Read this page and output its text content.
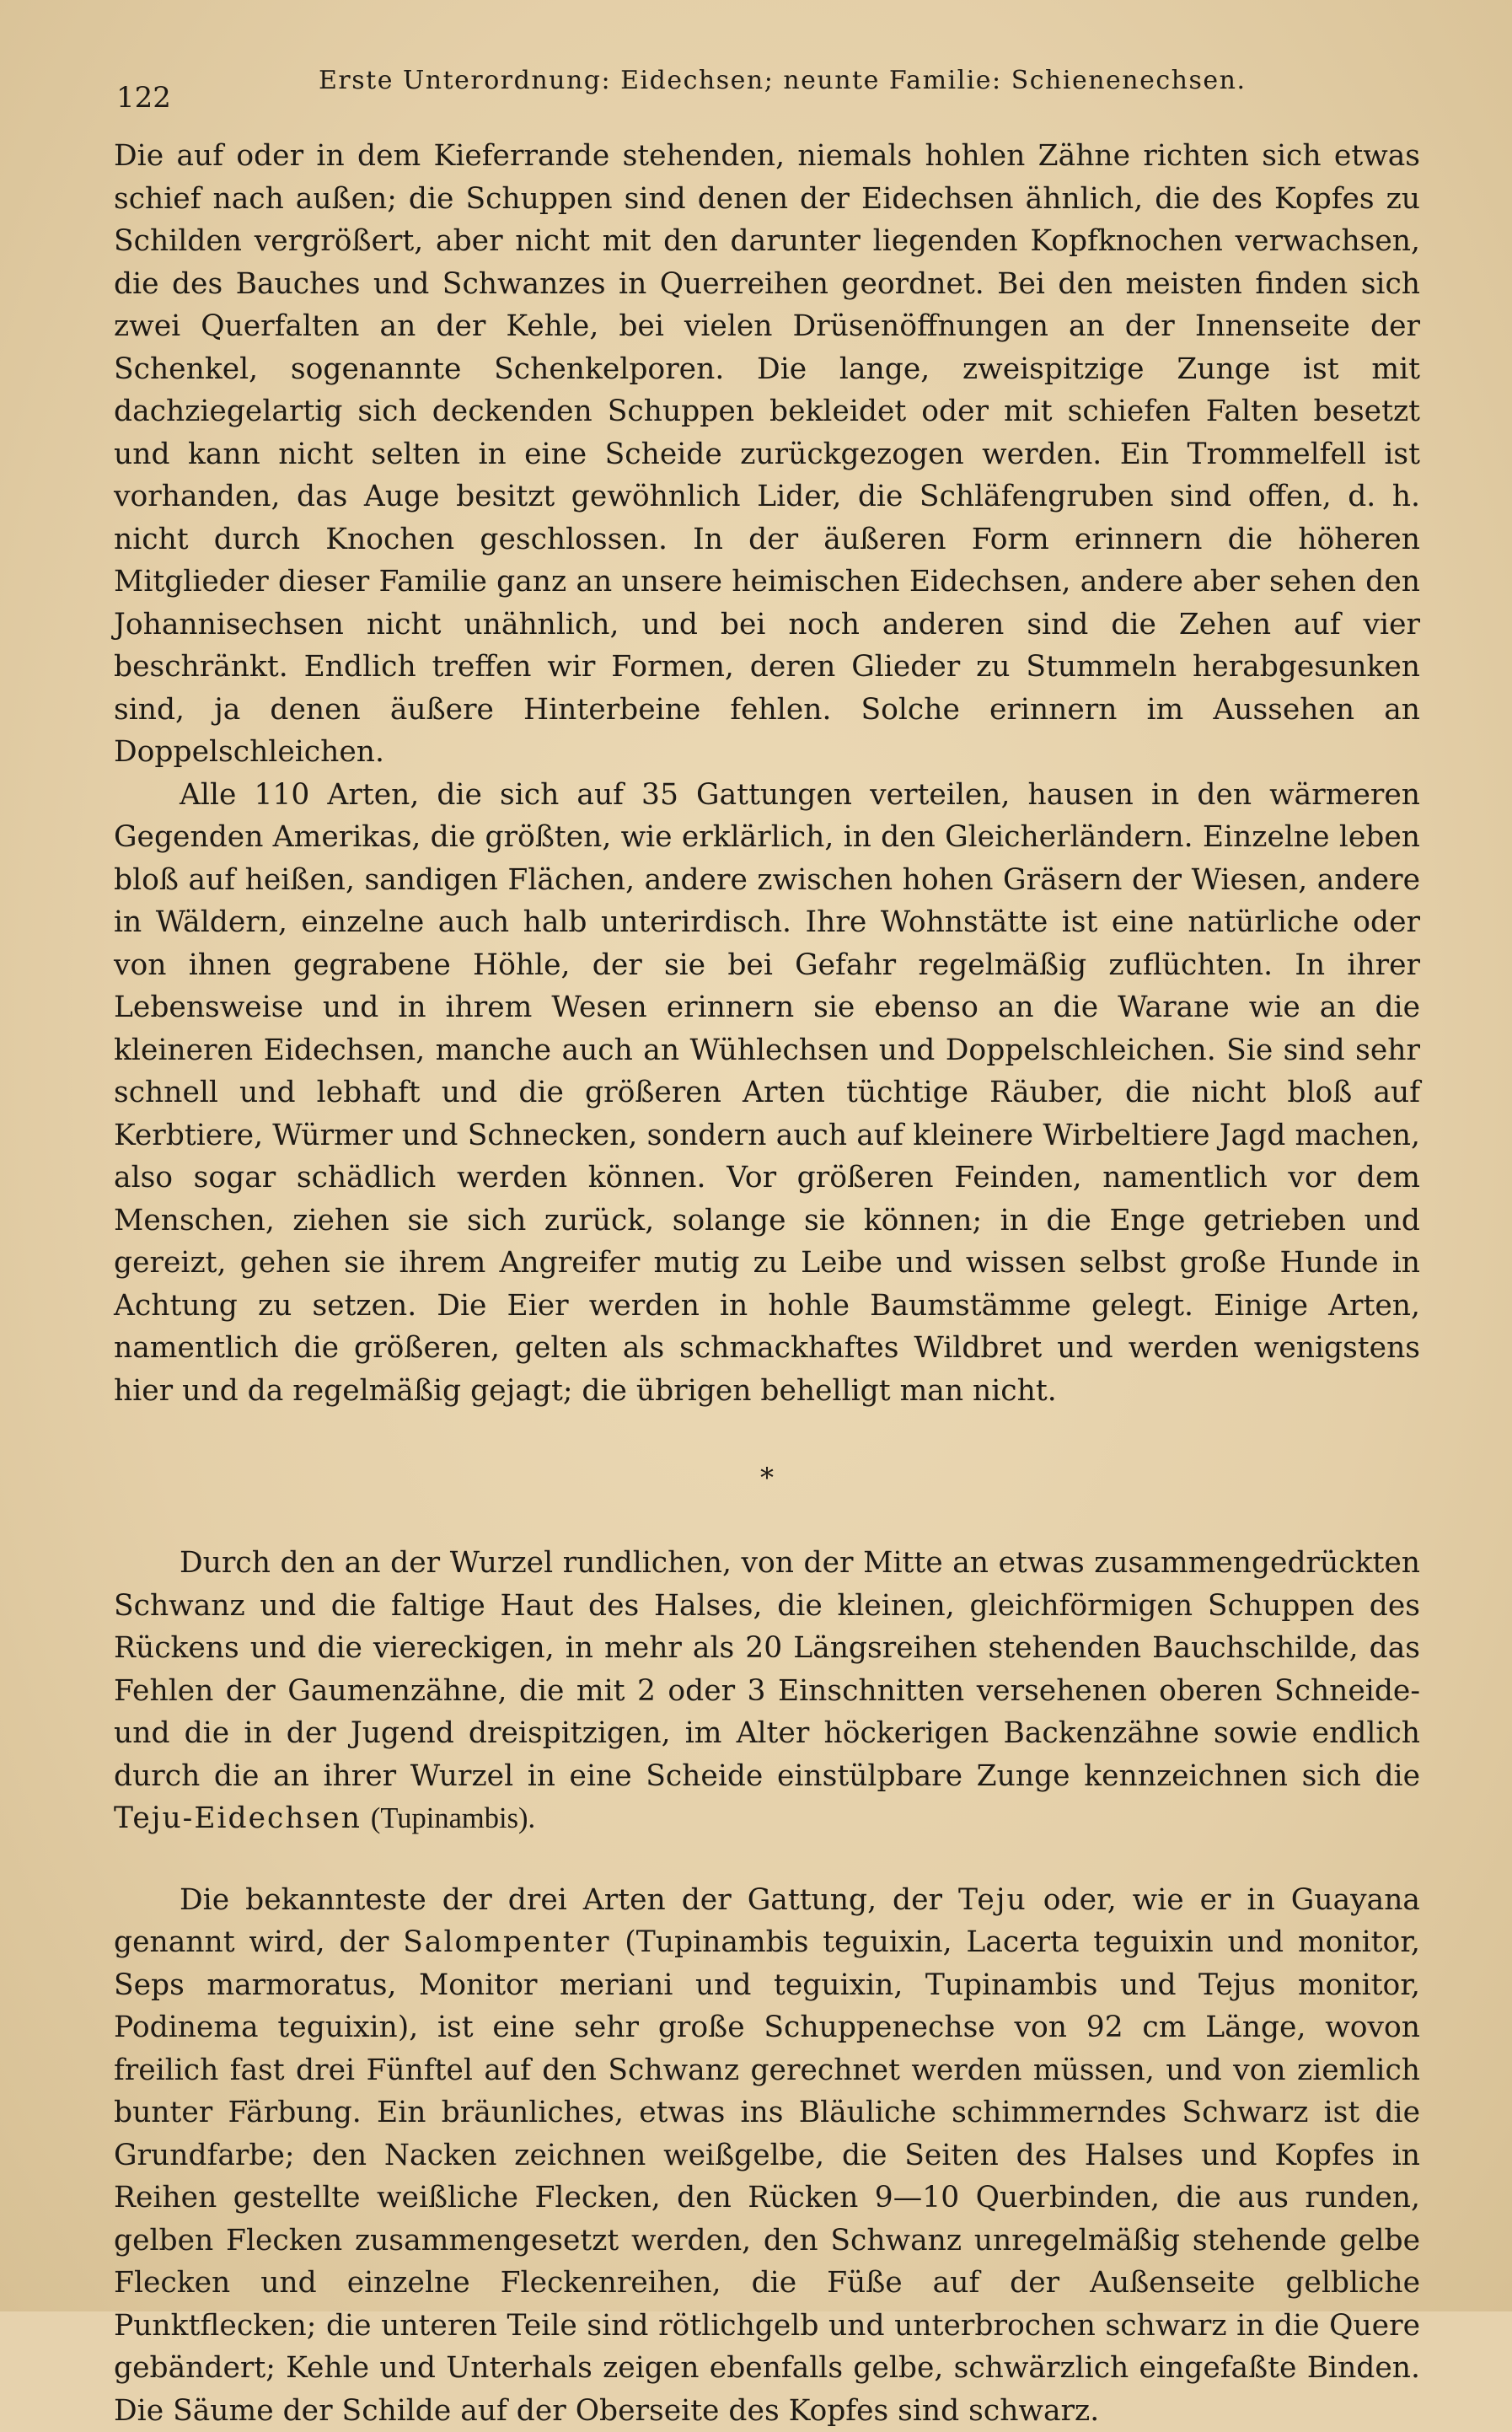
122
Erste Unterordnung: Eidechsen; neunte Familie: Schienenechsen.

Die auf oder in dem Kieferrande stehenden, niemals hohlen Zähne richten sich etwas schief nach außen; die Schuppen sind denen der Eidechsen ähnlich, die des Kopfes zu Schilden vergrößert, aber nicht mit den darunter liegenden Kopfknochen verwachsen, die des Bauches und Schwanzes in Querreihen geordnet. Bei den meisten finden sich zwei Querfalten an der Kehle, bei vielen Drüsenöffnungen an der Innenseite der Schenkel, sogenannte Schenkelporen. Die lange, zweispitzige Zunge ist mit dachziegelartig sich deckenden Schuppen bekleidet oder mit schiefen Falten besetzt und kann nicht selten in eine Scheide zurückgezogen werden. Ein Trommelfell ist vorhanden, das Auge besitzt gewöhnlich Lider, die Schläfengruben sind offen, d. h. nicht durch Knochen geschlossen. In der äußeren Form erinnern die höheren Mitglieder dieser Familie ganz an unsere heimischen Eidechsen, andere aber sehen den Johannisechsen nicht unähnlich, und bei noch anderen sind die Zehen auf vier beschränkt. Endlich treffen wir Formen, deren Glieder zu Stummeln herabgesunken sind, ja denen äußere Hinterbeine fehlen. Solche erinnern im Aussehen an Doppelschleichen.

Alle 110 Arten, die sich auf 35 Gattungen verteilen, hausen in den wärmeren Gegenden Amerikas, die größten, wie erklärlich, in den Gleicherländern. Einzelne leben bloß auf heißen, sandigen Flächen, andere zwischen hohen Gräsern der Wiesen, andere in Wäldern, einzelne auch halb unterirdisch. Ihre Wohnstätte ist eine natürliche oder von ihnen gegrabene Höhle, der sie bei Gefahr regelmäßig zuflüchten. In ihrer Lebensweise und in ihrem Wesen erinnern sie ebenso an die Warane wie an die kleineren Eidechsen, manche auch an Wühlechsen und Doppelschleichen. Sie sind sehr schnell und lebhaft und die größeren Arten tüchtige Räuber, die nicht bloß auf Kerbtiere, Würmer und Schnecken, sondern auch auf kleinere Wirbeltiere Jagd machen, also sogar schädlich werden können. Vor größeren Feinden, namentlich vor dem Menschen, ziehen sie sich zurück, solange sie können; in die Enge getrieben und gereizt, gehen sie ihrem Angreifer mutig zu Leibe und wissen selbst große Hunde in Achtung zu setzen. Die Eier werden in hohle Baumstämme gelegt. Einige Arten, namentlich die größeren, gelten als schmackhaftes Wildbret und werden wenigstens hier und da regelmäßig gejagt; die übrigen behelligt man nicht.

*

Durch den an der Wurzel rundlichen, von der Mitte an etwas zusammengedrückten Schwanz und die faltige Haut des Halses, die kleinen, gleichförmigen Schuppen des Rückens und die viereckigen, in mehr als 20 Längsreihen stehenden Bauchschilde, das Fehlen der Gaumenzähne, die mit 2 oder 3 Einschnitten versehenen oberen Schneide- und die in der Jugend dreispitzigen, im Alter höckerigen Backenzähne sowie endlich durch die an ihrer Wurzel in eine Scheide einstülpbare Zunge kennzeichnen sich die Teju-Eidechsen (Tupinambis).

Die bekannteste der drei Arten der Gattung, der Teju oder, wie er in Guayana genannt wird, der Salompenter (Tupinambis teguixin, Lacerta teguixin und monitor, Seps marmoratus, Monitor meriani und teguixin, Tupinambis und Tejus monitor, Podinema teguixin), ist eine sehr große Schuppenechse von 92 cm Länge, wovon freilich fast drei Fünftel auf den Schwanz gerechnet werden müssen, und von ziemlich bunter Färbung. Ein bräunliches, etwas ins Bläuliche schimmerndes Schwarz ist die Grundfarbe; den Nacken zeichnen weißgelbe, die Seiten des Halses und Kopfes in Reihen gestellte weißliche Flecken, den Rücken 9—10 Querbinden, die aus runden, gelben Flecken zusammengesetzt werden, den Schwanz unregelmäßig stehende gelbe Flecken und einzelne Fleckenreihen, die Füße auf der Außenseite gelbliche Punktflecken; die unteren Teile sind rötlichgelb und unterbrochen schwarz in die Quere gebändert; Kehle und Unterhals zeigen ebenfalls gelbe, schwärzlich eingefaßte Binden. Die Säume der Schilde auf der Oberseite des Kopfes sind schwarz.
